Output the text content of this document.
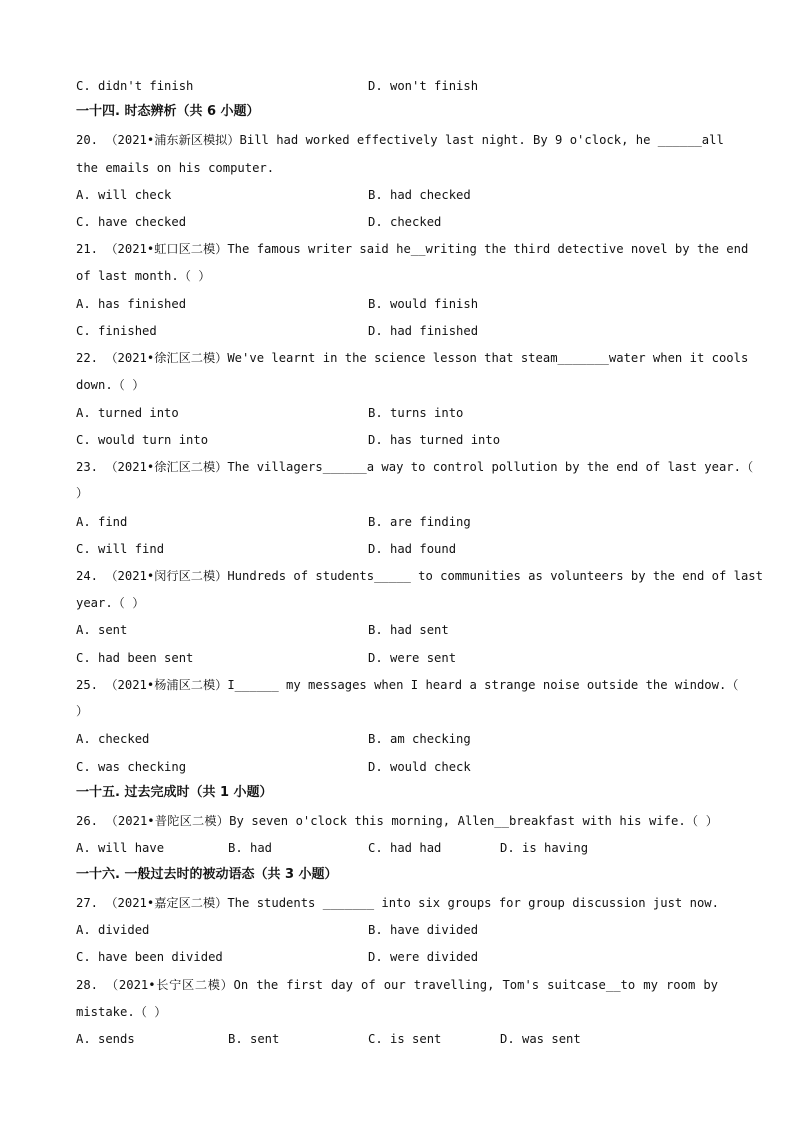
C. didn't finish	D. won't finish
一十四. 时态辨析（共 6 小题）
20. （2021•浦东新区模拟）Bill had worked effectively last night. By 9 o'clock, he ______all
the emails on his computer.
A. will check	B. had checked
C. have checked	D. checked
21. （2021•虹口区二模）The famous writer said he__writing the third detective novel by the end
of last month.（ ）
A. has finished	B. would finish
C. finished	D. had finished
22. （2021•徐汇区二模）We've learnt in the science lesson that steam_______water when it cools
down.（ ）
A. turned into	B. turns into
C. would turn into	D. has turned into
23. （2021•徐汇区二模）The villagers______a way to control pollution by the end of last year.（
）
A. find	B. are finding
C. will find	D. had found
24. （2021•闵行区二模）Hundreds of students_____ to communities as volunteers by the end of last
year.（ ）
A. sent	B. had sent
C. had been sent	D. were sent
25. （2021•杨浦区二模）I______ my messages when I heard a strange noise outside the window.（
）
A. checked	B. am checking
C. was checking	D. would check
一十五. 过去完成时（共 1 小题）
26. （2021•普陀区二模）By seven o'clock this morning, Allen__breakfast with his wife.（ ）
A. will have	B. had	C. had had	D. is having
一十六. 一般过去时的被动语态（共 3 小题）
27. （2021•嘉定区二模）The students _______ into six groups for group discussion just now.
A. divided	B. have divided
C. have been divided	D. were divided
28. （2021•长宁区二模）On the first day of our travelling, Tom's suitcase__to my room by
mistake.（ ）
A. sends	B. sent	C. is sent	D. was sent
